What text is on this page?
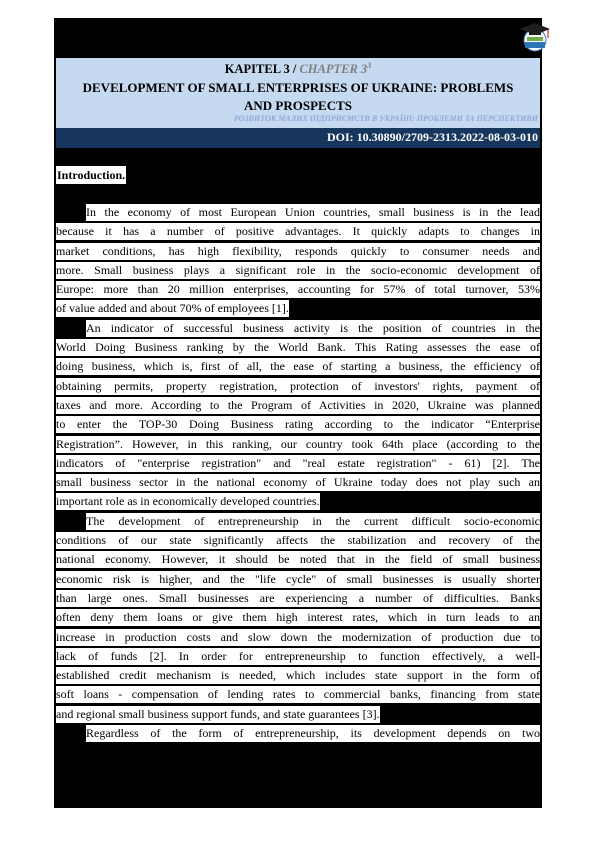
KAPITEL 3 / CHAPTER $3^3$
DEVELOPMENT OF SMALL ENTERPRISES OF UKRAINE: PROBLEMS
AND PROSPECTS
РОЗВИТОК МАЛИХ ПІДПРИЄМСТВ В УКРАЇНІ: ПРОБЛЕМИ ТА ПЕРСПЕКТИВИ
DOI: 10.30890/2709-2313.2022-08-03-010
Introduction.
In the economy of most European Union countries, small business is in the lead
because it has a number of positive advantages. It quickly adapts to changes in
market conditions, has high flexibility, responds quickly to consumer needs and
more. Small business plays a significant role in the socio-economic development of
Europe: more than 20 million enterprises, accounting for 57% of total turnover, 53%
of value added and about 70% of employees [1].
An indicator of successful business activity is the position of countries in the
World Doing Business ranking by the World Bank. This Rating assesses the ease of
doing business, which is, first of all, the ease of starting a business, the efficiency of
obtaining permits, property registration, protection of investors' rights, payment of
taxes and more. According to the Program of Activities in 2020, Ukraine was planned
to enter the TOP-30 Doing Business rating according to the indicator “Enterprise
Registration”. However, in this ranking, our country took 64th place (according to the
indicators of "enterprise registration" and "real estate registration" - 61) [2]. The
small business sector in the national economy of Ukraine today does not play such an
important role as in economically developed countries.
The development of entrepreneurship in the current difficult socio-economic
conditions of our state significantly affects the stabilization and recovery of the
national economy. However, it should be noted that in the field of small business
economic risk is higher, and the "life cycle" of small businesses is usually shorter
than large ones. Small businesses are experiencing a number of difficulties. Banks
often deny them loans or give them high interest rates, which in turn leads to an
increase in production costs and slow down the modernization of production due to
lack of funds [2]. In order for entrepreneurship to function effectively, a well-
established credit mechanism is needed, which includes state support in the form of
soft loans - compensation of lending rates to commercial banks, financing from state
and regional small business support funds, and state guarantees [3].
Regardless of the form of entrepreneurship, its development depends on two
